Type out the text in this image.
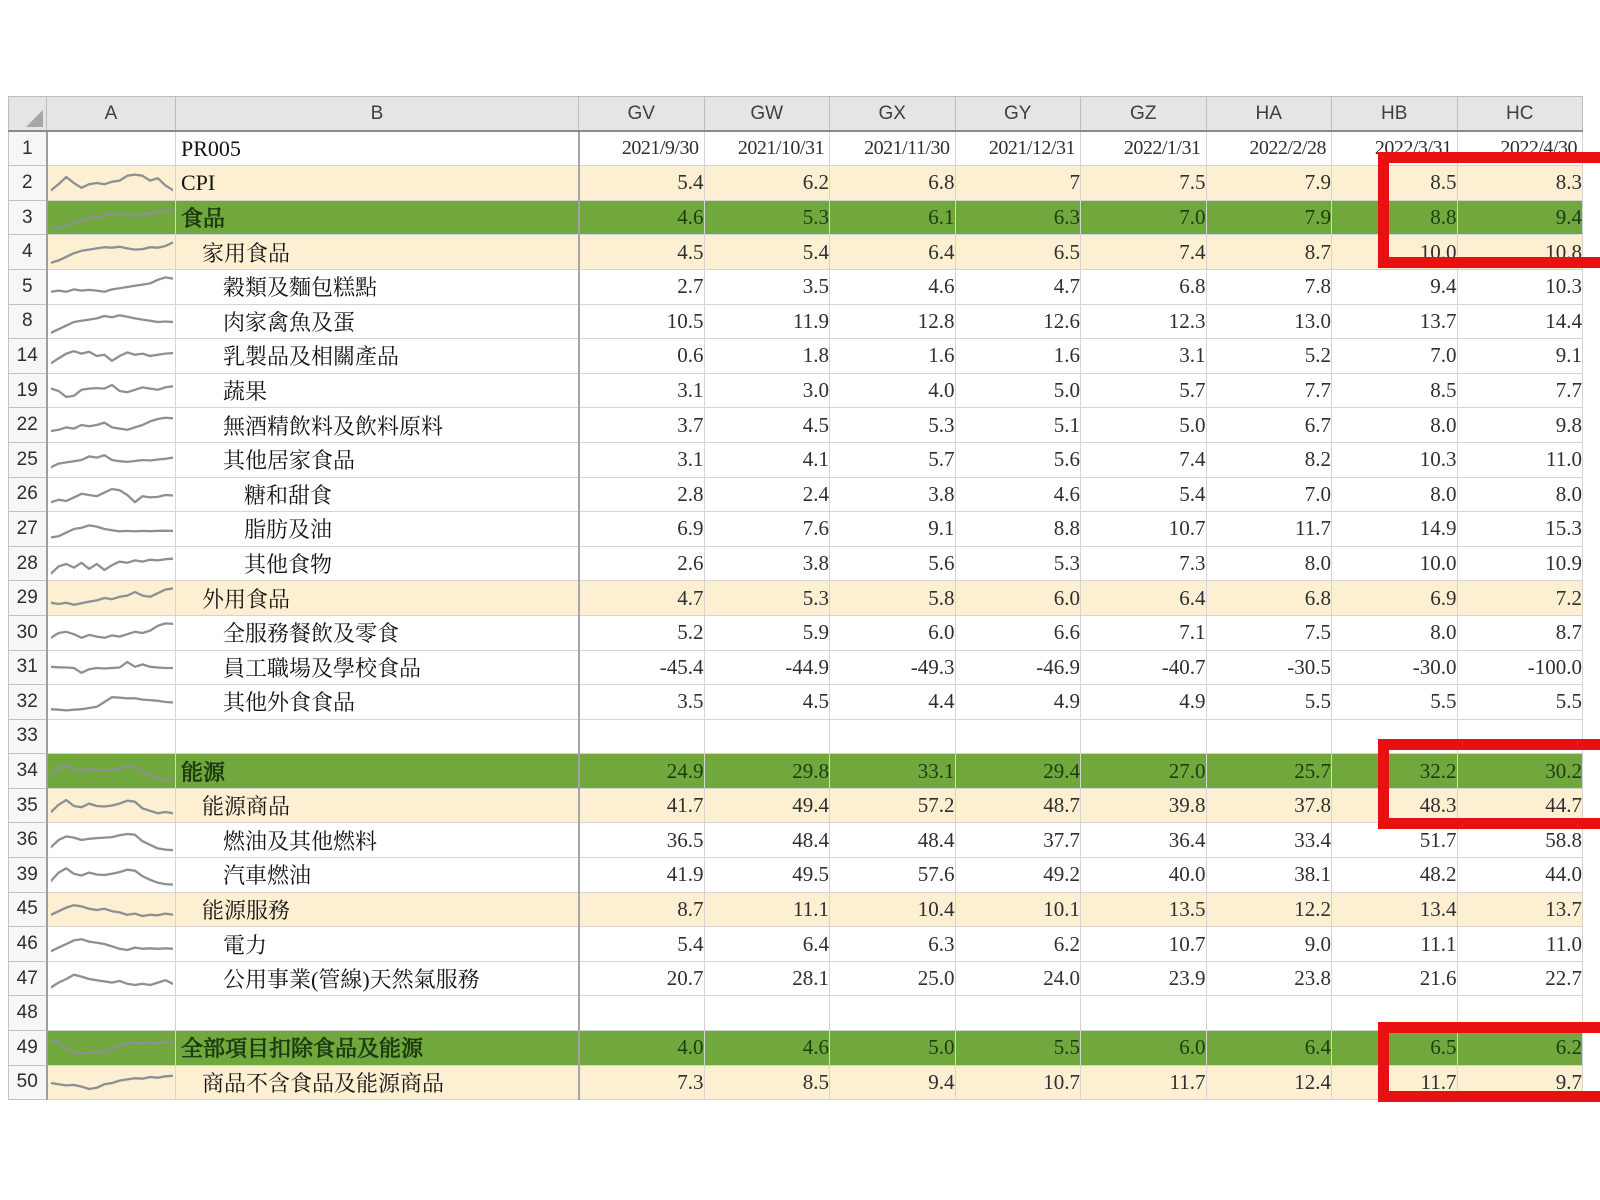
	A	B	GV	GW	GX	GY	GZ	HA	HB	HC
1		PR005	2021/9/30	2021/10/31	2021/11/30	2021/12/31	2022/1/31	2022/2/28	2022/3/31	2022/4/30
2		CPI	5.4	6.2	6.8	7	7.5	7.9	8.5	8.3
3		食品	4.6	5.3	6.1	6.3	7.0	7.9	8.8	9.4
4		家用食品	4.5	5.4	6.4	6.5	7.4	8.7	10.0	10.8
5		穀類及麵包糕點	2.7	3.5	4.6	4.7	6.8	7.8	9.4	10.3
8		肉家禽魚及蛋	10.5	11.9	12.8	12.6	12.3	13.0	13.7	14.4
14		乳製品及相關產品	0.6	1.8	1.6	1.6	3.1	5.2	7.0	9.1
19		蔬果	3.1	3.0	4.0	5.0	5.7	7.7	8.5	7.7
22		無酒精飲料及飲料原料	3.7	4.5	5.3	5.1	5.0	6.7	8.0	9.8
25		其他居家食品	3.1	4.1	5.7	5.6	7.4	8.2	10.3	11.0
26		糖和甜食	2.8	2.4	3.8	4.6	5.4	7.0	8.0	8.0
27		脂肪及油	6.9	7.6	9.1	8.8	10.7	11.7	14.9	15.3
28		其他食物	2.6	3.8	5.6	5.3	7.3	8.0	10.0	10.9
29		外用食品	4.7	5.3	5.8	6.0	6.4	6.8	6.9	7.2
30		全服務餐飲及零食	5.2	5.9	6.0	6.6	7.1	7.5	8.0	8.7
31		員工職場及學校食品	-45.4	-44.9	-49.3	-46.9	-40.7	-30.5	-30.0	-100.0
32		其他外食食品	3.5	4.5	4.4	4.9	4.9	5.5	5.5	5.5
33										
34		能源	24.9	29.8	33.1	29.4	27.0	25.7	32.2	30.2
35		能源商品	41.7	49.4	57.2	48.7	39.8	37.8	48.3	44.7
36		燃油及其他燃料	36.5	48.4	48.4	37.7	36.4	33.4	51.7	58.8
39		汽車燃油	41.9	49.5	57.6	49.2	40.0	38.1	48.2	44.0
45		能源服務	8.7	11.1	10.4	10.1	13.5	12.2	13.4	13.7
46		電力	5.4	6.4	6.3	6.2	10.7	9.0	11.1	11.0
47		公用事業(管線)天然氣服務	20.7	28.1	25.0	24.0	23.9	23.8	21.6	22.7
48										
49		全部項目扣除食品及能源	4.0	4.6	5.0	5.5	6.0	6.4	6.5	6.2
50		商品不含食品及能源商品	7.3	8.5	9.4	10.7	11.7	12.4	11.7	9.7
